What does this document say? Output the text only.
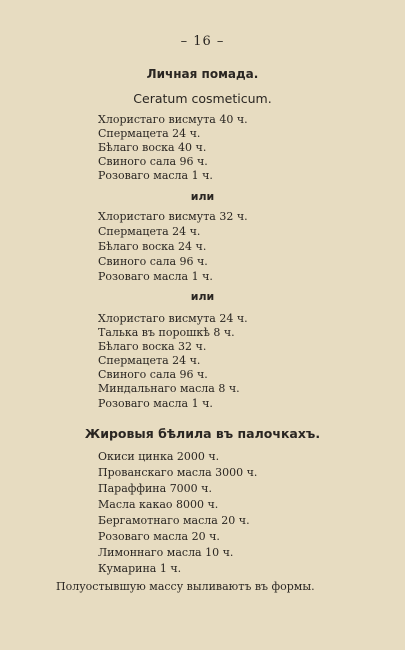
– 16 –
Личная помада.
Ceratum cosmeticum.
Хлористаго висмута 40 ч.
Спермацета 24 ч.
Бѣлаго воска 40 ч.
Свиного сала 96 ч.
Розоваго масла 1 ч.
или
Хлористаго висмута 32 ч.
Спермацета 24 ч.
Бѣлаго воска 24 ч.
Свиного сала 96 ч.
Розоваго масла 1 ч.
или
Хлористаго висмута 24 ч.
Талька въ порошкѣ 8 ч.
Бѣлаго воска 32 ч.
Спермацета 24 ч.
Свиного сала 96 ч.
Миндальнаго масла 8 ч.
Розоваго масла 1 ч.
Жировыя бѣлила въ палочкахъ.
Окиси цинка 2000 ч.
Прованскаго масла 3000 ч.
Параффина 7000 ч.
Масла какао 8000 ч.
Бергамотнаго масла 20 ч.
Розоваго масла 20 ч.
Лимоннаго масла 10 ч.
Кумарина 1 ч.
Полуостывшую массу выливаютъ въ формы.
